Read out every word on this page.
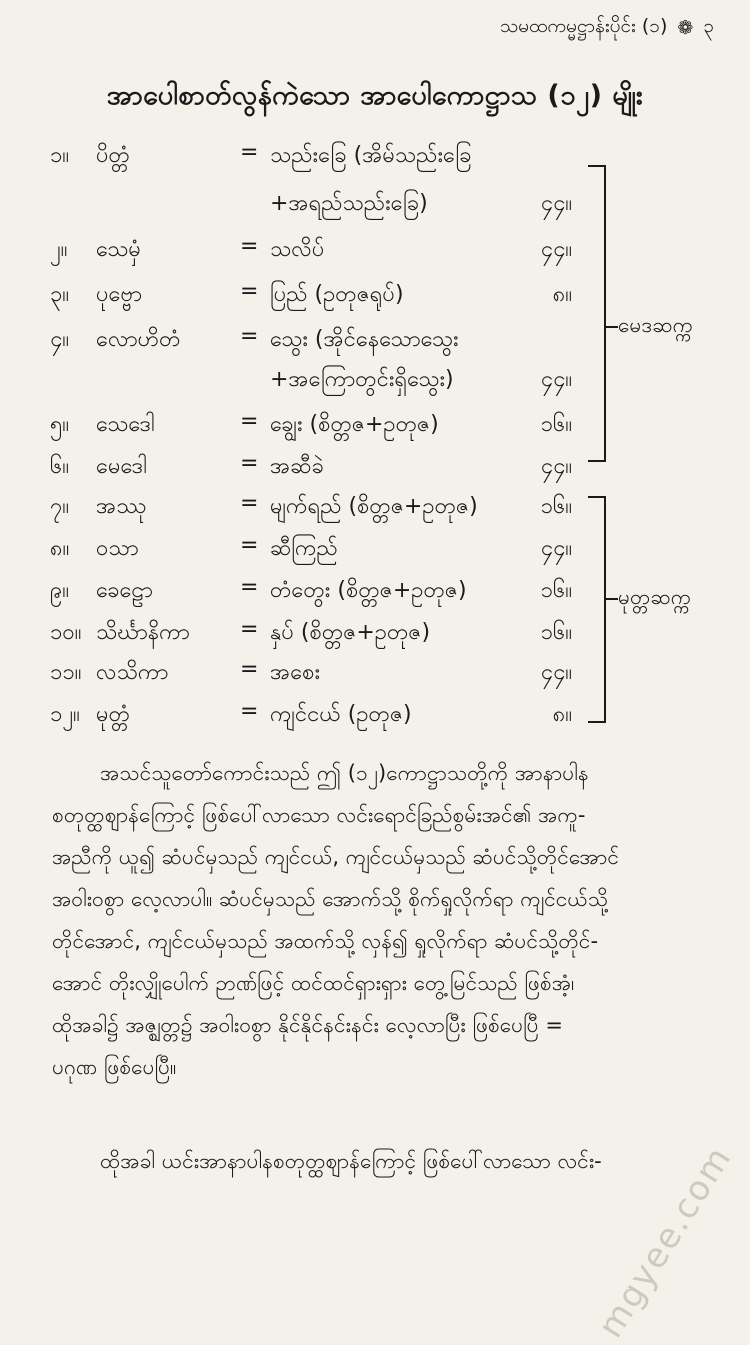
သမထကမ္မဋ္ဌာန်းပိုင်း (၁) ❁ ၃
အာပေါစာတ်လွန်ကဲသော အာပေါကောဋ္ဌာသ (၁၂) မျိုး
၁။ ပိတ္တံ	= သည်းခြေ (အိမ်သည်းခြေ
+အရည်သည်းခြေ)	၄၄။
၂။ သေမှံ	= သလိပ်	၄၄။
၃။ ပုဗ္ဗော	= ပြည် (ဥတုဇရုပ်)	၈။
၄။ လောဟိတံ	= သွေး (အိုင်နေသောသွေး
+အကြောတွင်းရှိသွေး)	၄၄။
၅။ သေဒေါ	= ချွေး (စိတ္တဇ+ဥတုဇ)	၁၆။
၆။ မေဒေါ	= အဆီခဲ	၄၄။
၇။ အဿု	= မျက်ရည် (စိတ္တဇ+ဥတုဇ)	၁၆။
၈။ ဝသာ	= ဆီကြည်	၄၄။
၉။ ခေဠော	= တံတွေး (စိတ္တဇ+ဥတုဇ)	၁၆။
၁၀။ သိင်္ဃာနိကာ = နှပ် (စိတ္တဇ+ဥတုဇ)	၁၆။
၁၁။ လသိကာ	= အစေး	၄၄။
၁၂။ မုတ္တံ	= ကျင်ငယ် (ဥတုဇ)	၈။
မေဒဆက္က
မုတ္တဆက္က

အသင်သူတော်ကောင်းသည် ဤ (၁၂)ကောဋ္ဌာသတို့ကို အာနာပါန

စတုတ္ထဈာန်ကြောင့် ဖြစ်ပေါ်လာသော လင်းရောင်ခြည်စွမ်းအင်၏ အကူ-

အညီကို ယူ၍ ဆံပင်မှသည် ကျင်ငယ်, ကျင်ငယ်မှသည် ဆံပင်သို့တိုင်အောင်

အဝါးဝစွာ လေ့လာပါ။ ဆံပင်မှသည် အောက်သို့ စိုက်ရှုလိုက်ရာ ကျင်ငယ်သို့

တိုင်အောင်, ကျင်ငယ်မှသည် အထက်သို့ လှန်၍ ရှုလိုက်ရာ ဆံပင်သို့တိုင်-

အောင် တိုးလျှိုပေါက် ဉာဏ်ဖြင့် ထင်ထင်ရှားရှား တွေ့မြင်သည် ဖြစ်အံ့၊

ထိုအခါ၌ အဇ္ဈတ္တ၌ အဝါးဝစွာ နိုင်နိုင်နင်းနင်း လေ့လာပြီး ဖြစ်ပေပြီ =

ပဂုဏ ဖြစ်ပေပြီ။

ထိုအခါ ယင်းအာနာပါနစတုတ္ထဈာန်ကြောင့် ဖြစ်ပေါ်လာသော လင်း-

mgyee.com
